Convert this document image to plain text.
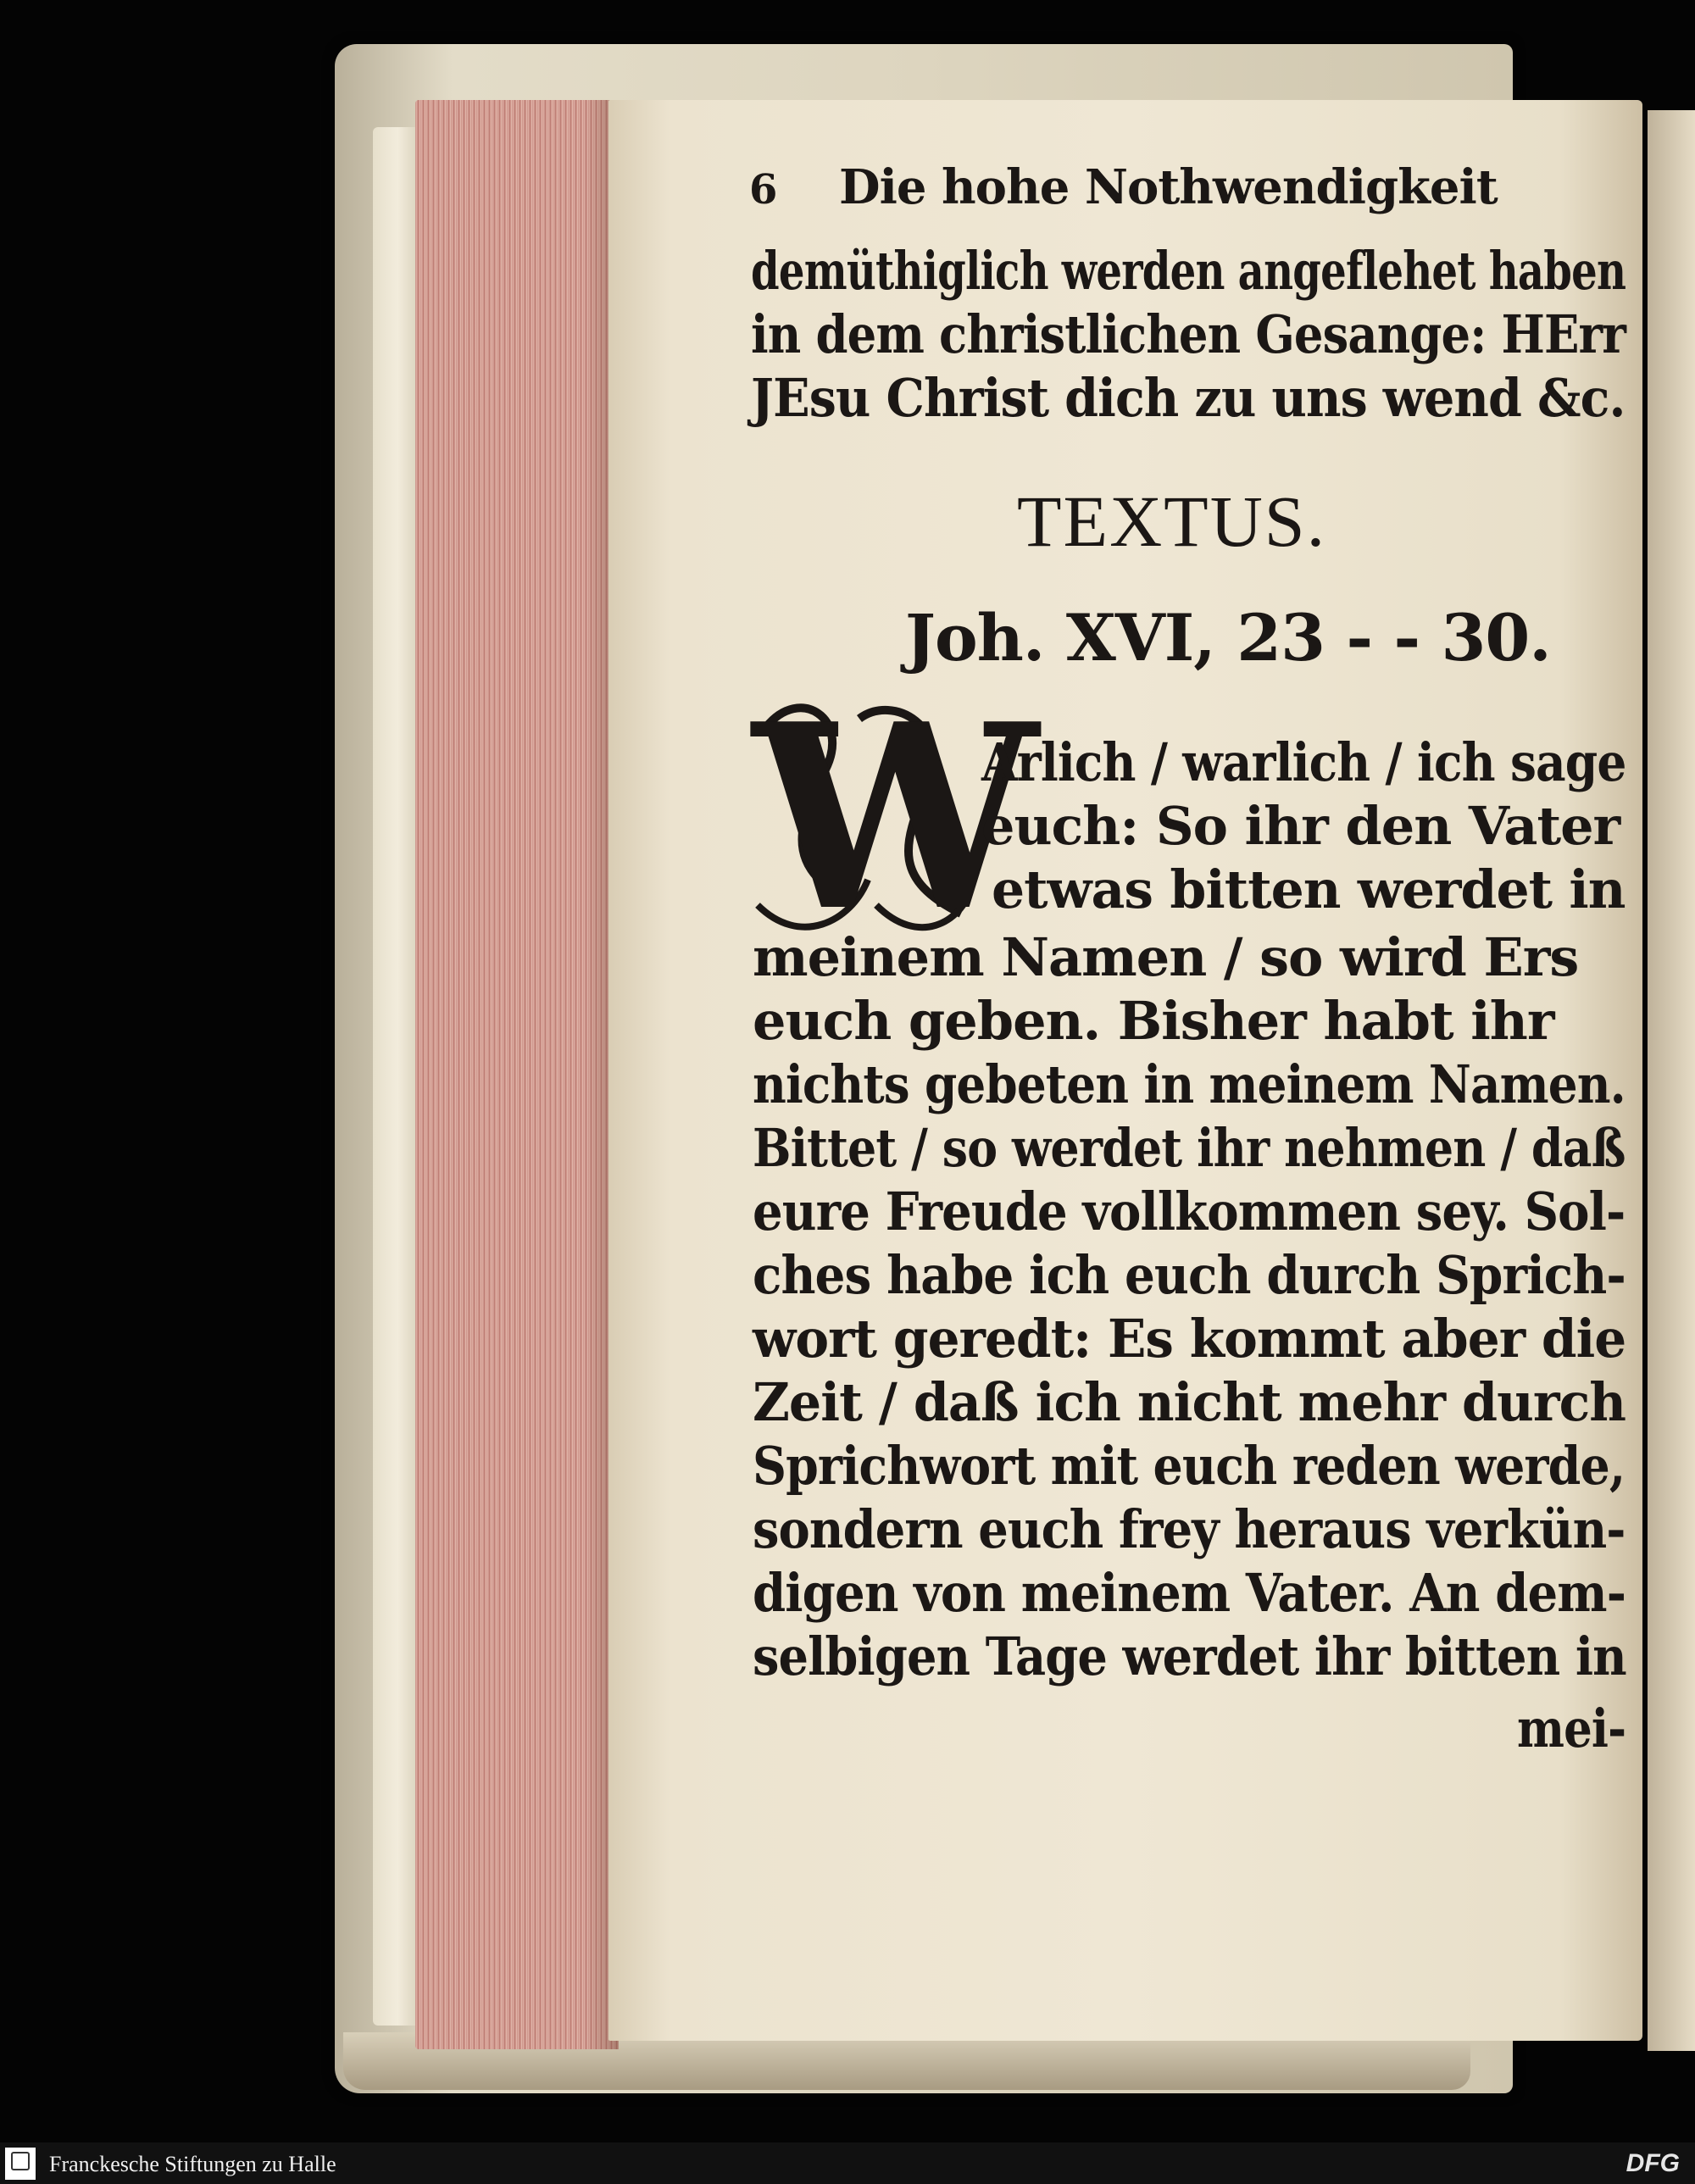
6 Die hohe Nothwendigkeit
demüthiglich werden angeflehet haben
in dem christlichen Gesange: HErr
JEsu Christ dich zu uns wend &c.
TEXTUS.
Joh. XVI, 23 - - 30.
W
Arlich / warlich / ich sage
euch: So ihr den Vater
etwas bitten werdet in
meinem Namen / so wird Ers
euch geben. Bisher habt ihr
nichts gebeten in meinem Namen.
Bittet / so werdet ihr nehmen / daß
eure Freude vollkommen sey. Sol-
ches habe ich euch durch Sprich-
wort geredt: Es kommt aber die
Zeit / daß ich nicht mehr durch
Sprichwort mit euch reden werde,
sondern euch frey heraus verkün-
digen von meinem Vater. An dem-
selbigen Tage werdet ihr bitten in
mei-
Franckesche Stiftungen zu Halle	DFG
